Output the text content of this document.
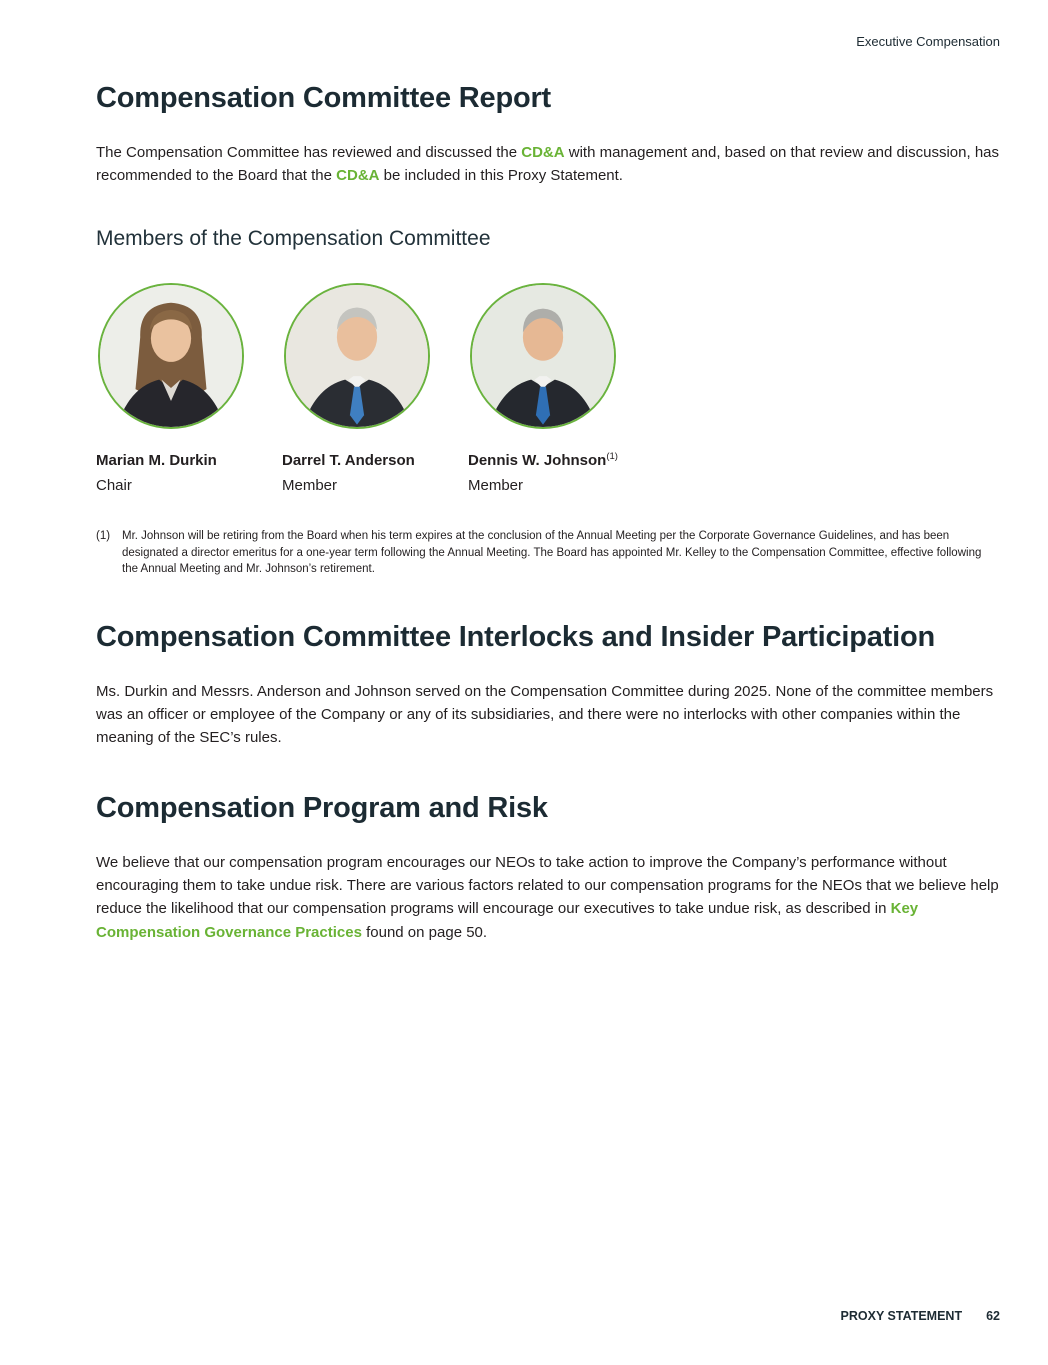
Executive Compensation
Compensation Committee Report

The Compensation Committee has reviewed and discussed the CD&A with management and, based on that review and discussion, has recommended to the Board that the CD&A be included in this Proxy Statement.

Members of the Compensation Committee
Marian M. Durkin
Chair
Darrel T. Anderson
Member
Dennis W. Johnson$^{(1)}$
Member
(1)	Mr. Johnson will be retiring from the Board when his term expires at the conclusion of the Annual Meeting per the Corporate Governance Guidelines, and has been designated a director emeritus for a one-year term following the Annual Meeting. The Board has appointed Mr. Kelley to the Compensation Committee, effective following the Annual Meeting and Mr. Johnson’s retirement.
Compensation Committee Interlocks and Insider Participation

Ms. Durkin and Messrs. Anderson and Johnson served on the Compensation Committee during 2025. None of the committee members was an officer or employee of the Company or any of its subsidiaries, and there were no interlocks with other companies within the meaning of the SEC’s rules.

Compensation Program and Risk

We believe that our compensation program encourages our NEOs to take action to improve the Company’s performance without encouraging them to take undue risk. There are various factors related to our compensation programs for the NEOs that we believe help reduce the likelihood that our compensation programs will encourage our executives to take undue risk, as described in Key Compensation Governance Practices found on page 50.

PROXY STATEMENT 62
